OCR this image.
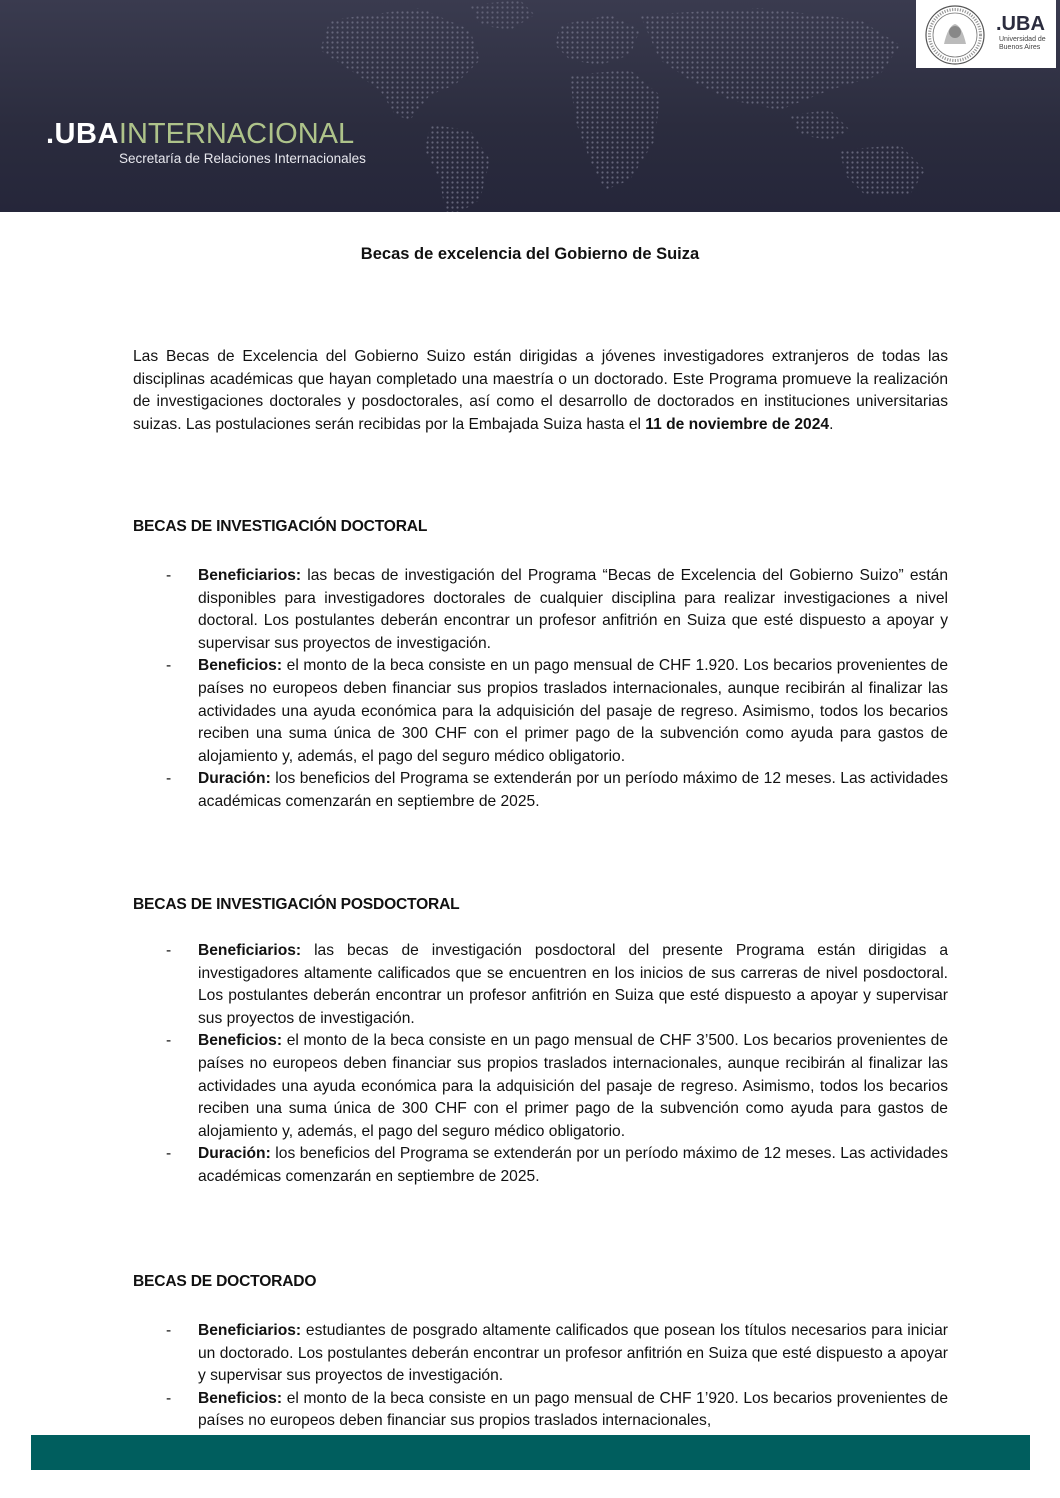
.UBAINTERNACIONAL
Secretaría de Relaciones Internacionales
.UBA
Universidad de Buenos Aires
Becas de excelencia del Gobierno de Suiza

Las Becas de Excelencia del Gobierno Suizo están dirigidas a jóvenes investigadores extranjeros de todas las disciplinas académicas que hayan completado una maestría o un doctorado. Este Programa promueve la realización de investigaciones doctorales y posdoctorales, así como el desarrollo de doctorados en instituciones universitarias suizas. Las postulaciones serán recibidas por la Embajada Suiza hasta el 11 de noviembre de 2024.

BECAS DE INVESTIGACIÓN DOCTORAL
- Beneficiarios: las becas de investigación del Programa “Becas de Excelencia del Gobierno Suizo” están disponibles para investigadores doctorales de cualquier disciplina para realizar investigaciones a nivel doctoral. Los postulantes deberán encontrar un profesor anfitrión en Suiza que esté dispuesto a apoyar y supervisar sus proyectos de investigación.
- Beneficios: el monto de la beca consiste en un pago mensual de CHF 1.920. Los becarios provenientes de países no europeos deben financiar sus propios traslados internacionales, aunque recibirán al finalizar las actividades una ayuda económica para la adquisición del pasaje de regreso. Asimismo, todos los becarios reciben una suma única de 300 CHF con el primer pago de la subvención como ayuda para gastos de alojamiento y, además, el pago del seguro médico obligatorio.
- Duración: los beneficios del Programa se extenderán por un período máximo de 12 meses. Las actividades académicas comenzarán en septiembre de 2025.
BECAS DE INVESTIGACIÓN POSDOCTORAL
- Beneficiarios: las becas de investigación posdoctoral del presente Programa están dirigidas a investigadores altamente calificados que se encuentren en los inicios de sus carreras de nivel posdoctoral. Los postulantes deberán encontrar un profesor anfitrión en Suiza que esté dispuesto a apoyar y supervisar sus proyectos de investigación.
- Beneficios: el monto de la beca consiste en un pago mensual de CHF 3’500. Los becarios provenientes de países no europeos deben financiar sus propios traslados internacionales, aunque recibirán al finalizar las actividades una ayuda económica para la adquisición del pasaje de regreso. Asimismo, todos los becarios reciben una suma única de 300 CHF con el primer pago de la subvención como ayuda para gastos de alojamiento y, además, el pago del seguro médico obligatorio.
- Duración: los beneficios del Programa se extenderán por un período máximo de 12 meses. Las actividades académicas comenzarán en septiembre de 2025.
BECAS DE DOCTORADO
- Beneficiarios: estudiantes de posgrado altamente calificados que posean los títulos necesarios para iniciar un doctorado. Los postulantes deberán encontrar un profesor anfitrión en Suiza que esté dispuesto a apoyar y supervisar sus proyectos de investigación.
- Beneficios: el monto de la beca consiste en un pago mensual de CHF 1’920. Los becarios provenientes de países no europeos deben financiar sus propios traslados internacionales,
